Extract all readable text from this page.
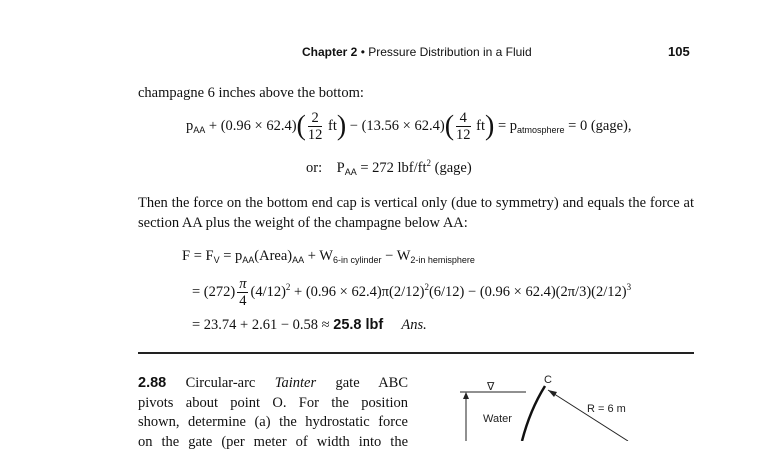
Chapter 2 • Pressure Distribution in a Fluid	105
champagne 6 inches above the bottom:
$p_{AA} + (0.96 \times 62.4)( \frac{2}{12} ft) - (13.56 \times 62.4)( \frac{4}{12} ft) = p_{atmosphere} = 0$ (gage),
or: $P_{AA} = 272$ lbf/$ft^2$ (gage)
Then the force on the bottom end cap is vertical only (due to symmetry) and equals the force at section AA plus the weight of the champagne below AA:
$F = F_V$ = $p_{AA}(Area)_{AA} + W_{6-in cylinder} - W_{2-in hemisphere}$
= $(272) \frac{\pi}{4} (4/12)^2 + (0.96 \times 62.4)\pi(2/12)^2(6/12) - (0.96 \times 62.4)(2\pi/3)(2/12)^3$
= 23.74 + 2.61 − 0.58 ≈ 25.8 lbf Ans.
2.88 Circular-arc Tainter gate ABC
pivots about point O. For the position
shown, determine (a) the hydrostatic force
on the gate (per meter of width into the
∇
Water
C
R = 6 m
